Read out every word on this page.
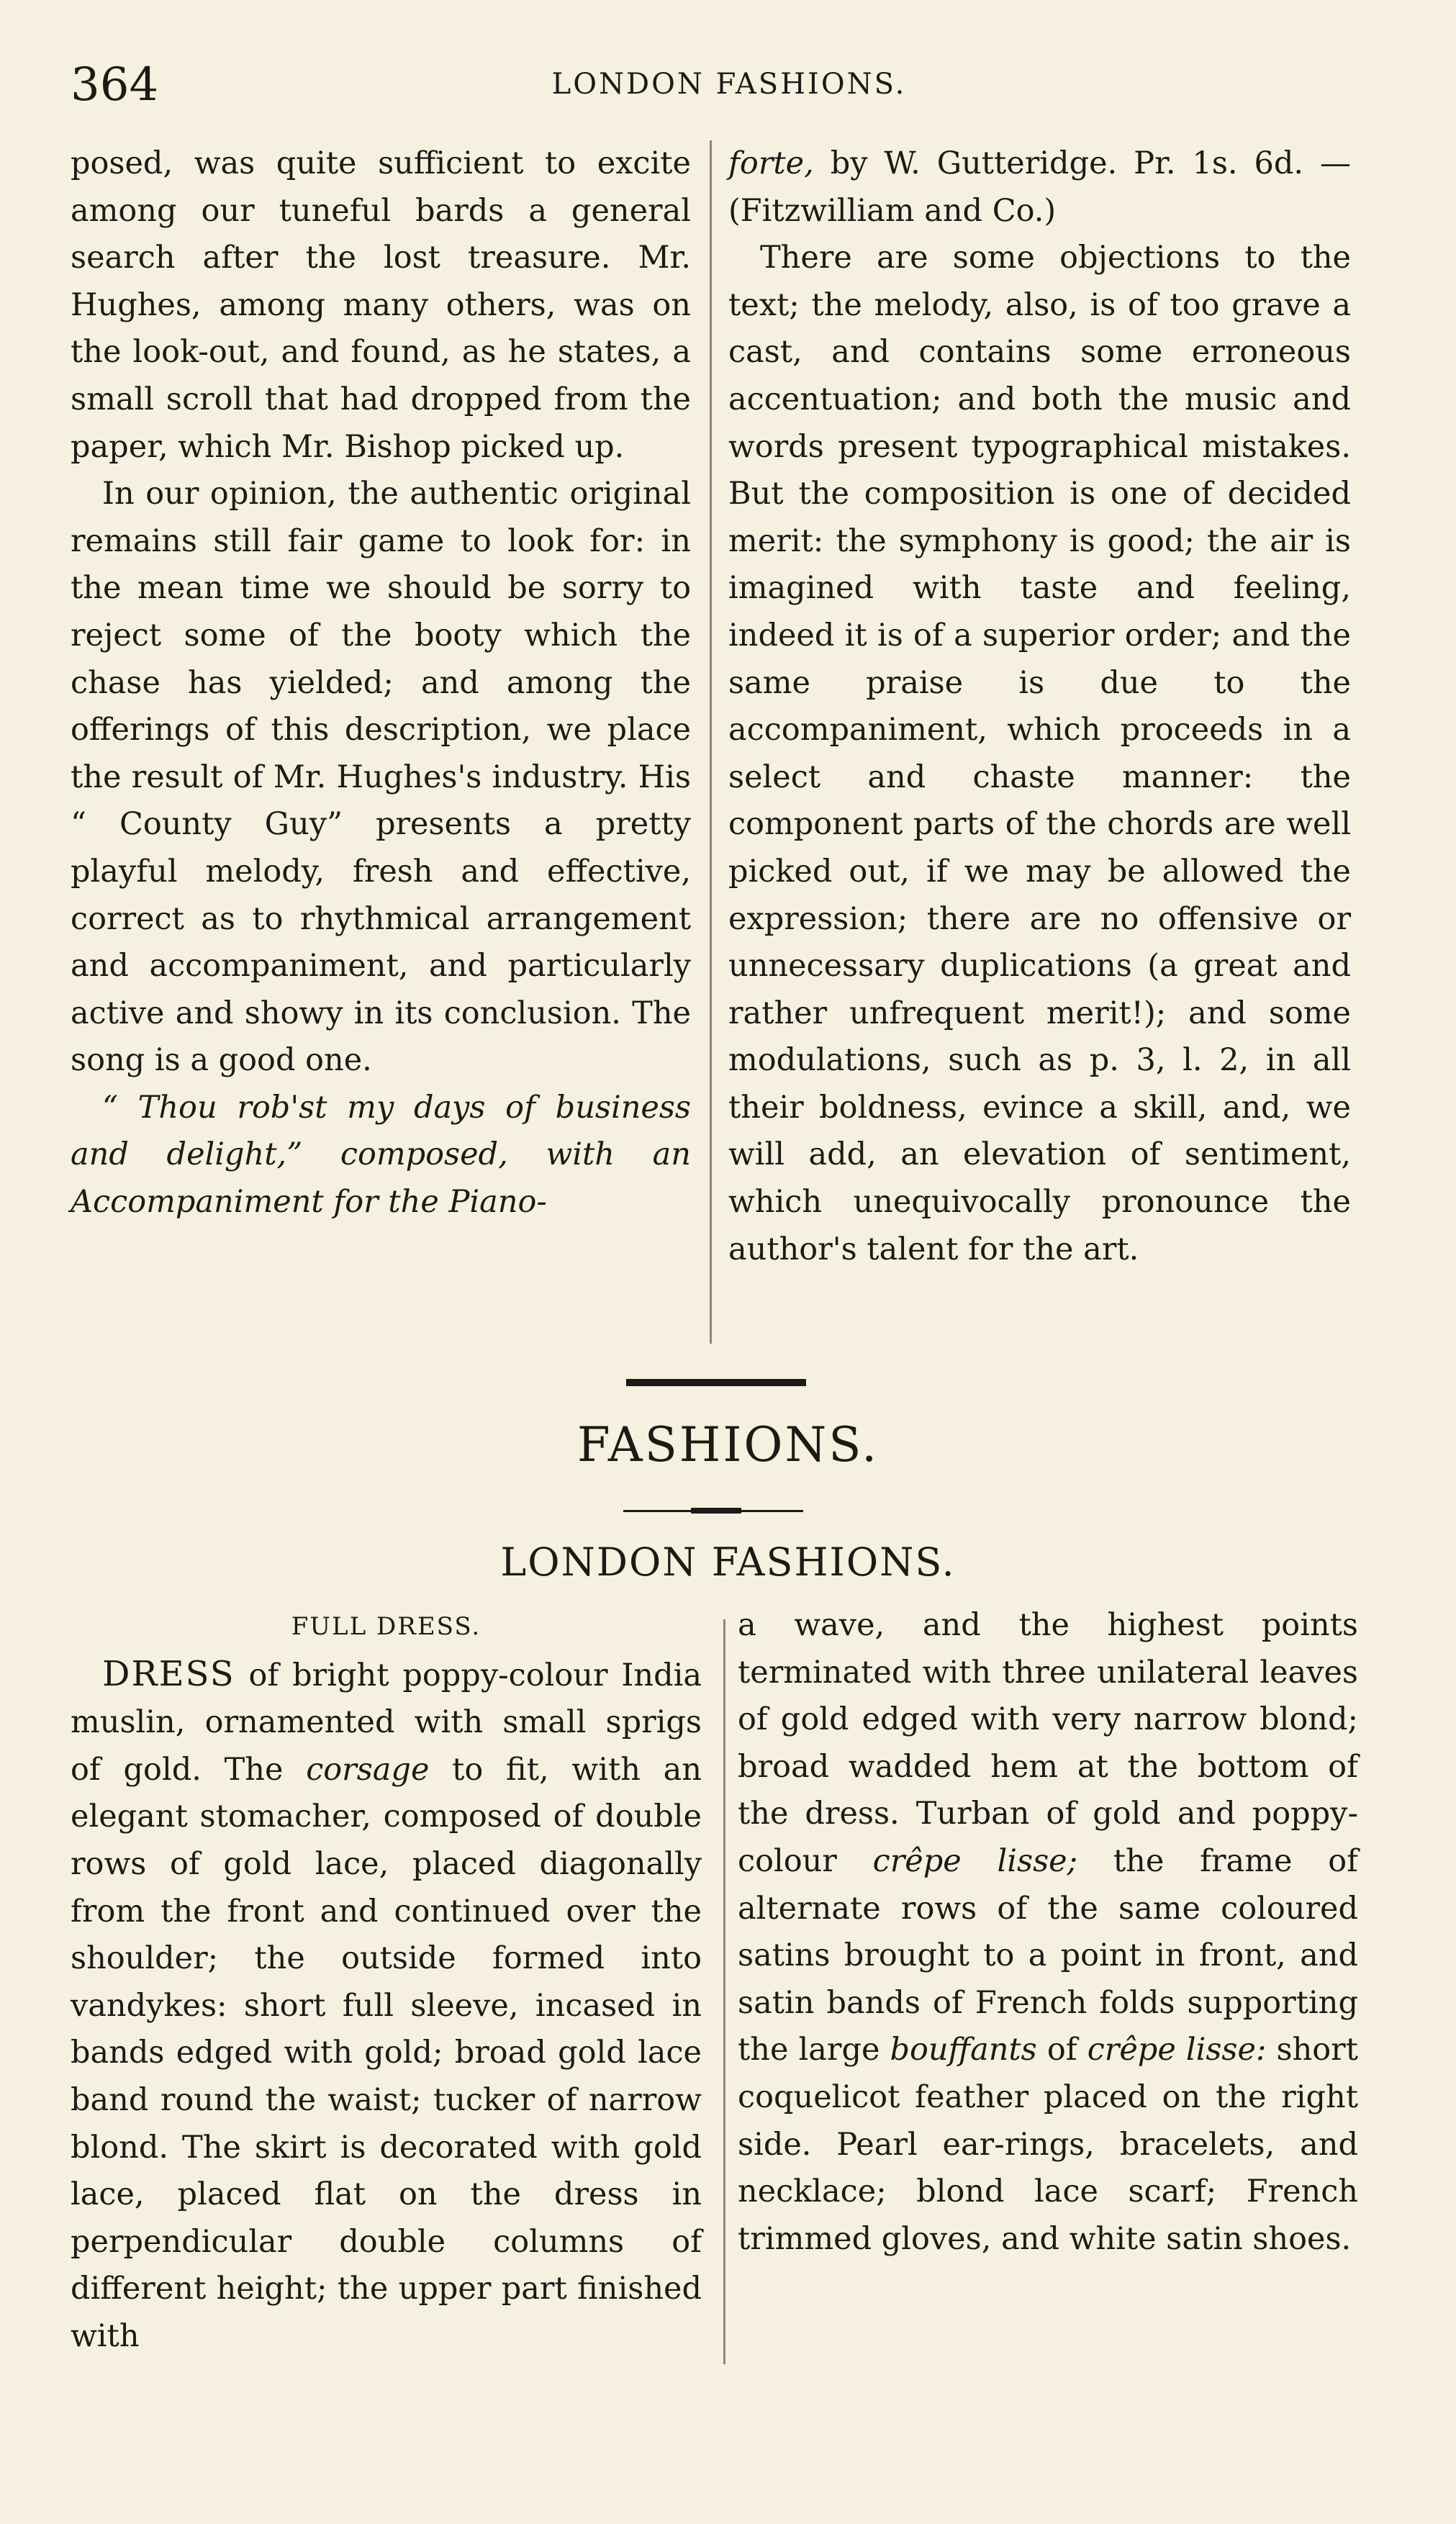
364	LONDON FASHIONS.

posed, was quite sufficient to excite among our tuneful bards a general search after the lost treasure. Mr. Hughes, among many others, was on the look-out, and found, as he states, a small scroll that had dropped from the paper, which Mr. Bishop picked up.

In our opinion, the authentic original remains still fair game to look for: in the mean time we should be sorry to reject some of the booty which the chase has yielded; and among the offerings of this description, we place the result of Mr. Hughes's industry. His “ County Guy” presents a pretty playful melody, fresh and effective, correct as to rhythmical arrangement and accompaniment, and particularly active and showy in its conclusion. The song is a good one.

“ Thou rob'st my days of business and delight,” composed, with an Accompaniment for the Piano-

forte, by W. Gutteridge. Pr. 1s. 6d. —(Fitzwilliam and Co.)

There are some objections to the text; the melody, also, is of too grave a cast, and contains some erroneous accentuation; and both the music and words present typographical mistakes. But the composition is one of decided merit: the symphony is good; the air is imagined with taste and feeling, indeed it is of a superior order; and the same praise is due to the accompaniment, which proceeds in a select and chaste manner: the component parts of the chords are well picked out, if we may be allowed the expression; there are no offensive or unnecessary duplications (a great and rather unfrequent merit!); and some modulations, such as p. 3, l. 2, in all their boldness, evince a skill, and, we will add, an elevation of sentiment, which unequivocally pronounce the author's talent for the art.

FASHIONS.
LONDON FASHIONS.

FULL DRESS.

DRESS of bright poppy-colour India muslin, ornamented with small sprigs of gold. The corsage to fit, with an elegant stomacher, composed of double rows of gold lace, placed diagonally from the front and continued over the shoulder; the outside formed into vandykes: short full sleeve, incased in bands edged with gold; broad gold lace band round the waist; tucker of narrow blond. The skirt is decorated with gold lace, placed flat on the dress in perpendicular double columns of different height; the upper part finished with

a wave, and the highest points terminated with three unilateral leaves of gold edged with very narrow blond; broad wadded hem at the bottom of the dress. Turban of gold and poppy-colour crêpe lisse; the frame of alternate rows of the same coloured satins brought to a point in front, and satin bands of French folds supporting the large bouffants of crêpe lisse: short coquelicot feather placed on the right side. Pearl ear-rings, bracelets, and necklace; blond lace scarf; French trimmed gloves, and white satin shoes.
